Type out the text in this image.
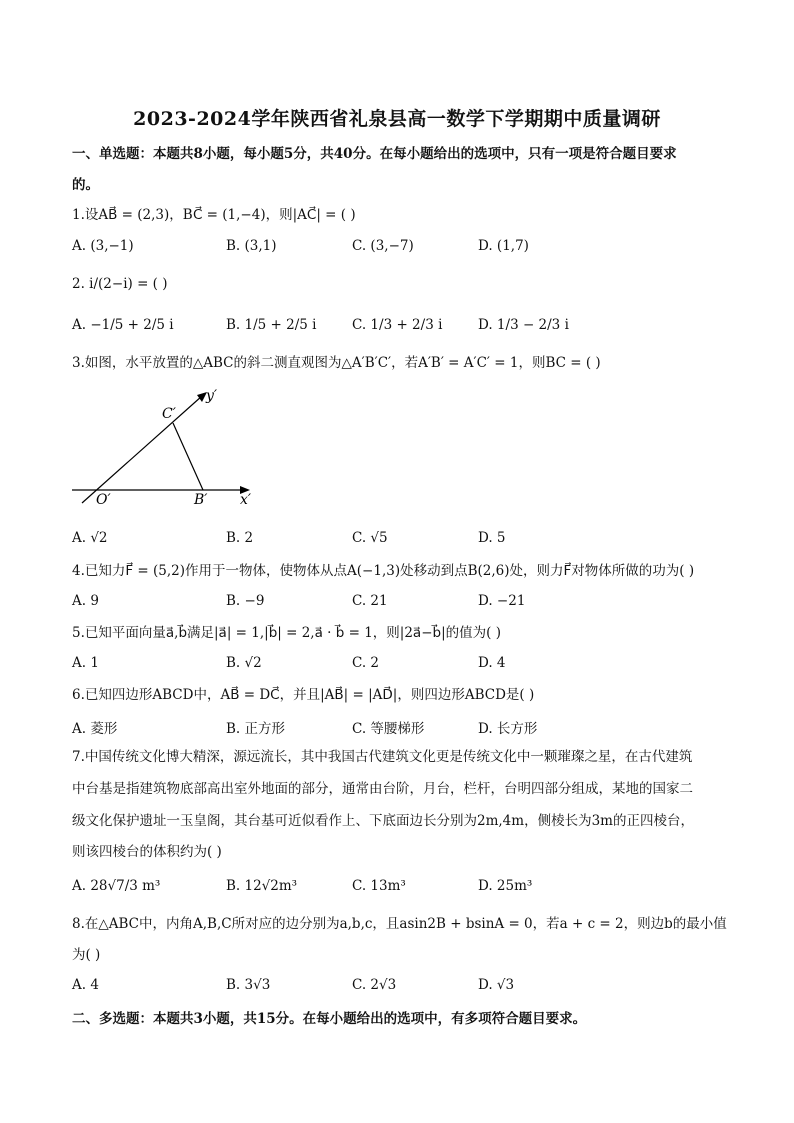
2023-2024学年陕西省礼泉县高一数学下学期期中质量调研
一、单选题：本题共8小题，每小题5分，共40分。在每小题给出的选项中，只有一项是符合题目要求
的。
1.设AB⃗ = (2,3)，BC⃗ = (1,−4)，则|AC⃗| = ( )
A. (3,−1)	B. (3,1)	C. (3,−7)	D. (1,7)
2. i/(2−i) = ( )
A. −1/5 + 2/5 i	B. 1/5 + 2/5 i	C. 1/3 + 2/3 i	D. 1/3 − 2/3 i
3.如图，水平放置的△ABC的斜二测直观图为△A′B′C′，若A′B′ = A′C′ = 1，则BC = ( )
C′
y′
O′	B′ x′
A. √2	B. 2	C. √5	D. 5
4.已知力F⃗ = (5,2)作用于一物体，使物体从点A(−1,3)处移动到点B(2,6)处，则力F⃗对物体所做的功为( )
A. 9	B. −9	C. 21	D. −21
5.已知平面向量a⃗,b⃗满足|a⃗| = 1,|b⃗| = 2,a⃗ · b⃗ = 1，则|2a⃗−b⃗|的值为( )
A. 1	B. √2	C. 2	D. 4
6.已知四边形ABCD中，AB⃗ = DC⃗，并且|AB⃗| = |AD⃗|，则四边形ABCD是( )
A. 菱形	B. 正方形	C. 等腰梯形	D. 长方形
7.中国传统文化博大精深，源远流长，其中我国古代建筑文化更是传统文化中一颗璀璨之星，在古代建筑
中台基是指建筑物底部高出室外地面的部分，通常由台阶，月台，栏杆，台明四部分组成，某地的国家二
级文化保护遗址一玉皇阁，其台基可近似看作上、下底面边长分别为2m,4m，侧棱长为3m的正四棱台，
则该四棱台的体积约为( )
A. 28√7/3 m³	B. 12√2m³	C. 13m³	D. 25m³
8.在△ABC中，内角A,B,C所对应的边分别为a,b,c，且asin2B + bsinA = 0，若a + c = 2，则边b的最小值
为( )
A. 4	B. 3√3	C. 2√3	D. √3
二、多选题：本题共3小题，共15分。在每小题给出的选项中，有多项符合题目要求。
